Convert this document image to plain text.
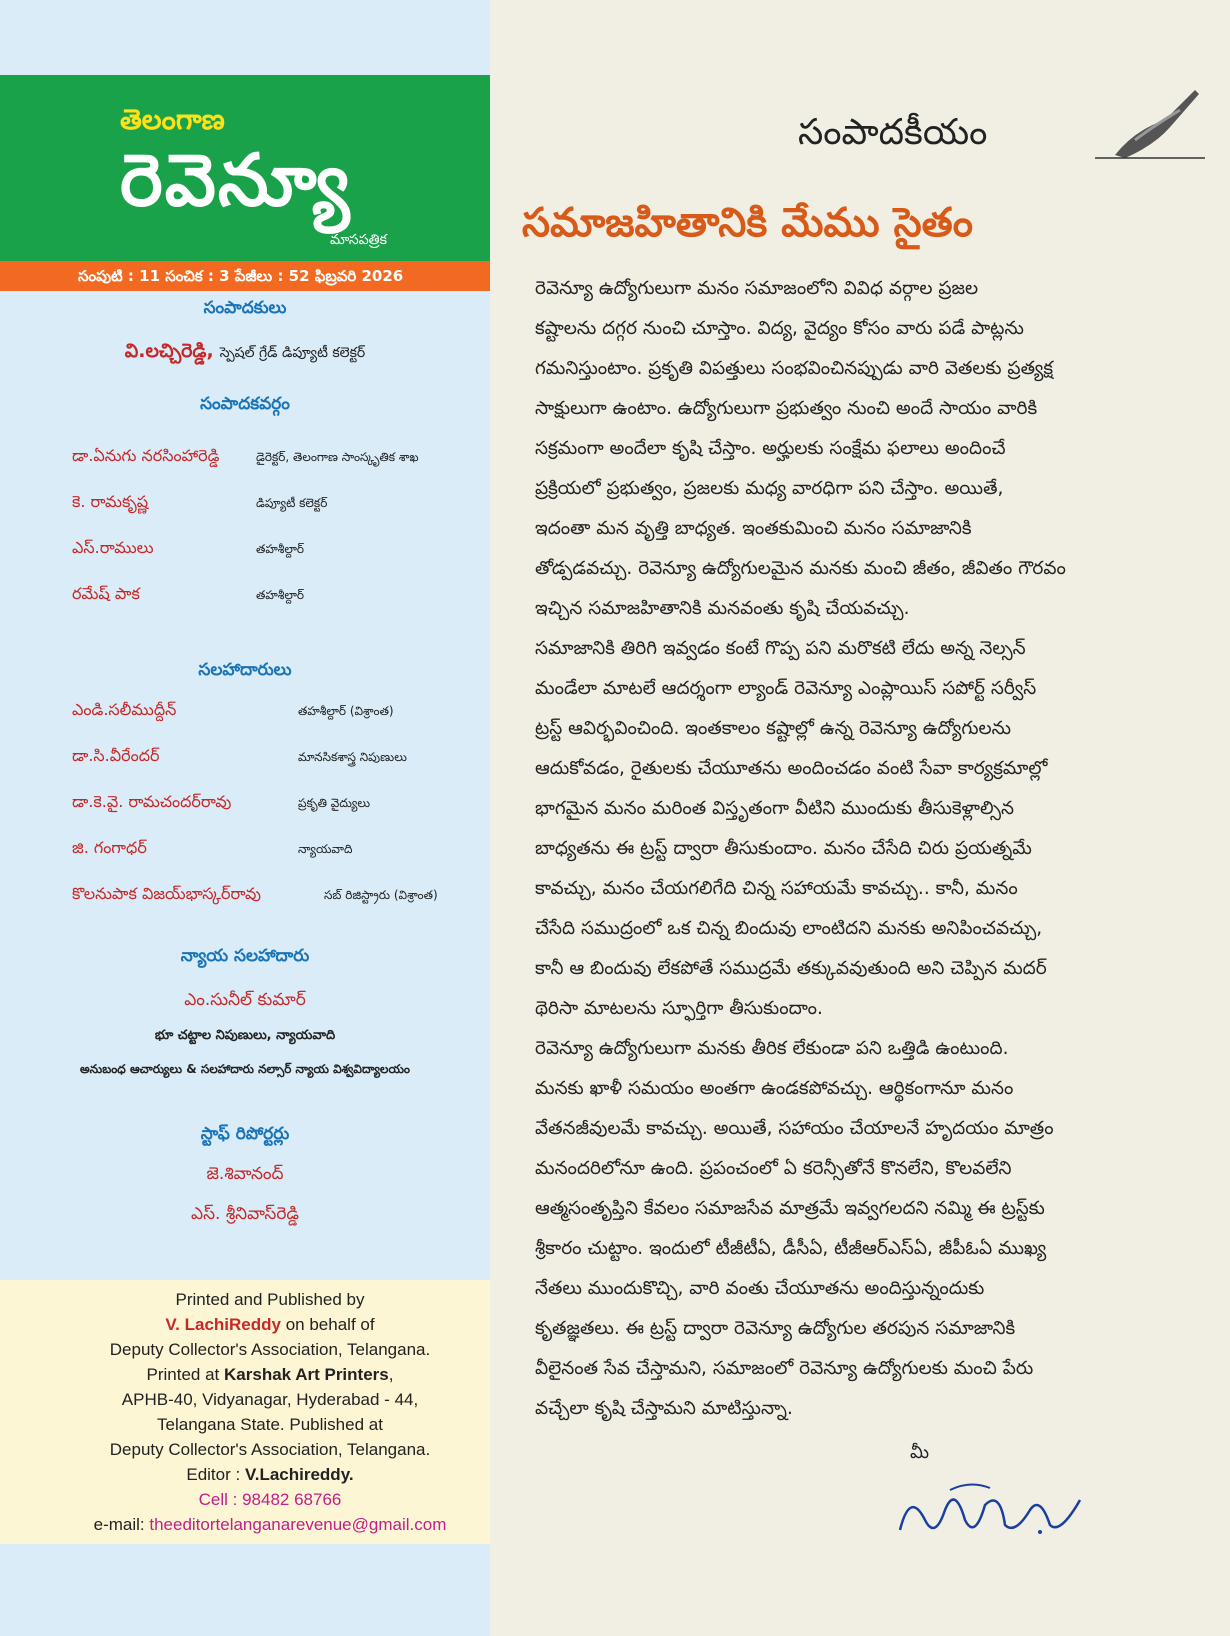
తెలంగాణ
రెవెన్యూ
మాసపత్రిక
సంపుటి : 11 సంచిక : 3 పేజీలు : 52 ఫిబ్రవరి 2026
సంపాదకులు
వి.లచ్చిరెడ్డి, స్పెషల్ గ్రేడ్ డిప్యూటీ కలెక్టర్
సంపాదకవర్గం
డా.ఏనుగు నరసింహారెడ్డి	డైరెక్టర్, తెలంగాణ సాంస్కృతిక శాఖ
కె. రామకృష్ణ	డిప్యూటీ కలెక్టర్
ఎస్.రాములు	తహశీల్దార్
రమేష్ పాక	తహశీల్దార్
సలహాదారులు
ఎండి.సలీముద్దీన్	తహశీల్దార్ (విశ్రాంత)
డా.సి.వీరేందర్	మానసికశాస్త్ర నిపుణులు
డా.కె.వై. రామచందర్‌రావు	ప్రకృతి వైద్యులు
జి. గంగాధర్	న్యాయవాది
కొలనుపాక విజయ్‌భాస్కర్‌రావు	సబ్ రిజిస్ట్రారు (విశ్రాంత)
న్యాయ సలహాదారు
ఎం.సునీల్ కుమార్
భూ చట్టాల నిపుణులు, న్యాయవాది
అనుబంధ ఆచార్యులు & సలహాదారు నల్సార్ న్యాయ విశ్వవిద్యాలయం
స్టాఫ్ రిపోర్టర్లు
జె.శివానంద్
ఎస్. శ్రీనివాస్‌రెడ్డి
Printed and Published by
V. LachiReddy on behalf of
Deputy Collector's Association, Telangana.
Printed at Karshak Art Printers,
APHB-40, Vidyanagar, Hyderabad - 44,
Telangana State. Published at
Deputy Collector's Association, Telangana.
Editor : V.Lachireddy.
Cell : 98482 68766
e-mail: theeditortelanganarevenue@gmail.com
సంపాదకీయం
సమాజహితానికి మేము సైతం
రెవెన్యూ ఉద్యోగులుగా మనం సమాజంలోని వివిధ వర్గాల ప్రజల
కష్టాలను దగ్గర నుంచి చూస్తాం. విద్య, వైద్యం కోసం వారు పడే పాట్లను
గమనిస్తుంటాం. ప్రకృతి విపత్తులు సంభవించినప్పుడు వారి వెతలకు ప్రత్యక్ష
సాక్షులుగా ఉంటాం. ఉద్యోగులుగా ప్రభుత్వం నుంచి అందే సాయం వారికి
సక్రమంగా అందేలా కృషి చేస్తాం. అర్హులకు సంక్షేమ ఫలాలు అందించే
ప్రక్రియలో ప్రభుత్వం, ప్రజలకు మధ్య వారధిగా పని చేస్తాం. అయితే,
ఇదంతా మన వృత్తి బాధ్యత. ఇంతకుమించి మనం సమాజానికి
తోడ్పడవచ్చు. రెవెన్యూ ఉద్యోగులమైన మనకు మంచి జీతం, జీవితం గౌరవం
ఇచ్చిన సమాజహితానికి మనవంతు కృషి చేయవచ్చు.
సమాజానికి తిరిగి ఇవ్వడం కంటే గొప్ప పని మరొకటి లేదు అన్న నెల్సన్
మండేలా మాటలే ఆదర్శంగా ల్యాండ్ రెవెన్యూ ఎంప్లాయిస్ సపోర్ట్ సర్వీస్
ట్రస్ట్ ఆవిర్భవించింది. ఇంతకాలం కష్టాల్లో ఉన్న రెవెన్యూ ఉద్యోగులను
ఆదుకోవడం, రైతులకు చేయూతను అందించడం వంటి సేవా కార్యక్రమాల్లో
భాగమైన మనం మరింత విస్తృతంగా వీటిని ముందుకు తీసుకెళ్లాల్సిన
బాధ్యతను ఈ ట్రస్ట్ ద్వారా తీసుకుందాం. మనం చేసేది చిరు ప్రయత్నమే
కావచ్చు, మనం చేయగలిగేది చిన్న సహాయమే కావచ్చు.. కానీ, మనం
చేసేది సముద్రంలో ఒక చిన్న బిందువు లాంటిదని మనకు అనిపించవచ్చు,
కానీ ఆ బిందువు లేకపోతే సముద్రమే తక్కువవుతుంది అని చెప్పిన మదర్
థెరిసా మాటలను స్ఫూర్తిగా తీసుకుందాం.
రెవెన్యూ ఉద్యోగులుగా మనకు తీరిక లేకుండా పని ఒత్తిడి ఉంటుంది.
మనకు ఖాళీ సమయం అంతగా ఉండకపోవచ్చు. ఆర్థికంగానూ మనం
వేతనజీవులమే కావచ్చు. అయితే, సహాయం చేయాలనే హృదయం మాత్రం
మనందరిలోనూ ఉంది. ప్రపంచంలో ఏ కరెన్సీతోనే కొనలేని, కొలవలేని
ఆత్మసంతృప్తిని కేవలం సమాజసేవ మాత్రమే ఇవ్వగలదని నమ్మి ఈ ట్రస్ట్‌కు
శ్రీకారం చుట్టాం. ఇందులో టీజీటీఏ, డీసీఏ, టీజీఆర్ఎస్ఏ, జీపీఓఏ ముఖ్య
నేతలు ముందుకొచ్చి, వారి వంతు చేయూతను అందిస్తున్నందుకు
కృతజ్ఞతలు. ఈ ట్రస్ట్ ద్వారా రెవెన్యూ ఉద్యోగుల తరపున సమాజానికి
వీలైనంత సేవ చేస్తామని, సమాజంలో రెవెన్యూ ఉద్యోగులకు మంచి పేరు
వచ్చేలా కృషి చేస్తామని మాటిస్తున్నా.
మీ
